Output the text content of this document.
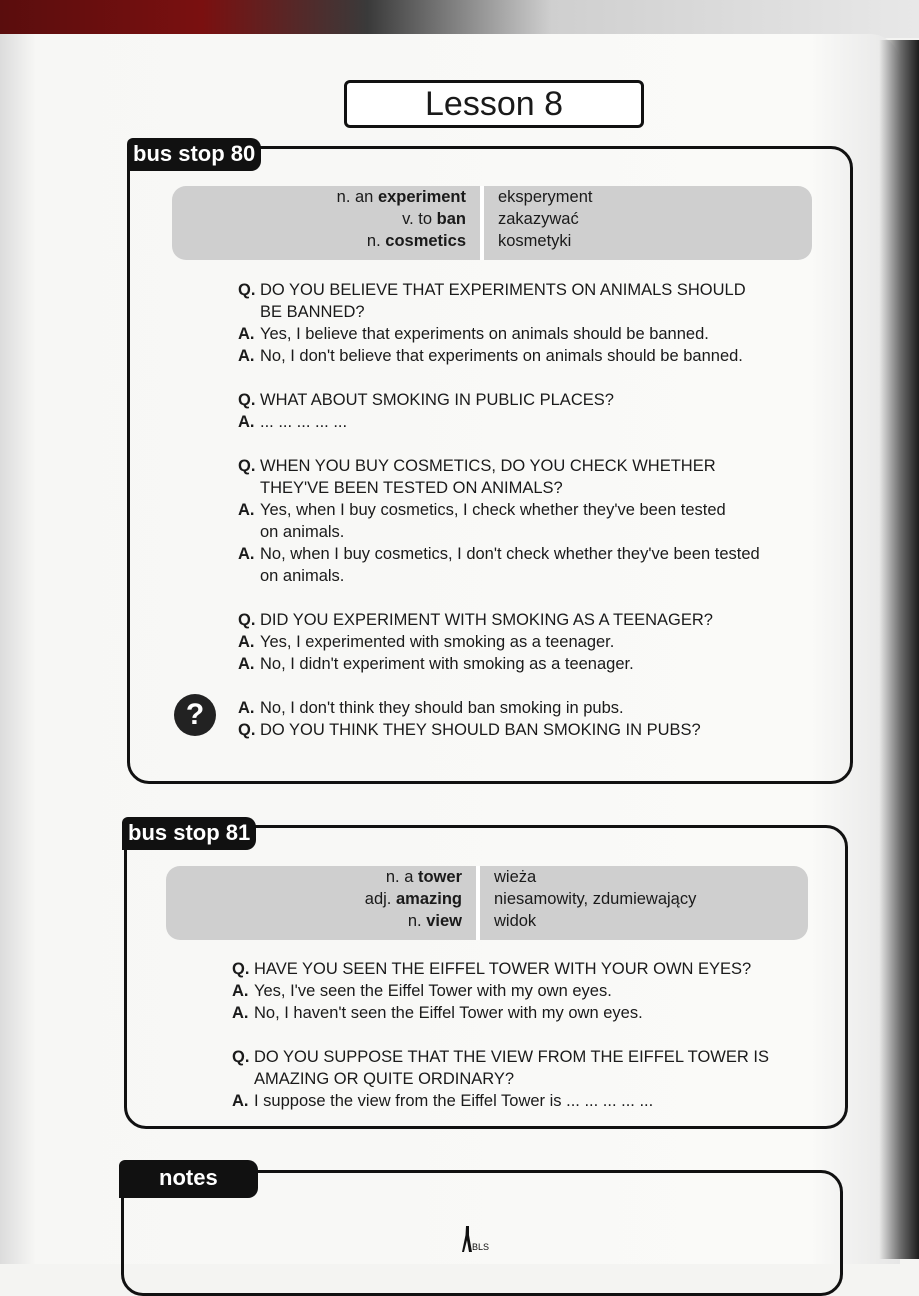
Lesson 8
bus stop 80
n. an experiment
v. to ban
n. cosmetics
eksperyment
zakazywać
kosmetyki
Q. DO YOU BELIEVE THAT EXPERIMENTS ON ANIMALS SHOULD
BE BANNED?
A. Yes, I believe that experiments on animals should be banned.
A. No, I don't believe that experiments on animals should be banned.
Q. WHAT ABOUT SMOKING IN PUBLIC PLACES?
A. ... ... ... ... ...
Q. WHEN YOU BUY COSMETICS, DO YOU CHECK WHETHER
THEY'VE BEEN TESTED ON ANIMALS?
A. Yes, when I buy cosmetics, I check whether they've been tested
on animals.
A. No, when I buy cosmetics, I don't check whether they've been tested
on animals.
Q. DID YOU EXPERIMENT WITH SMOKING AS A TEENAGER?
A. Yes, I experimented with smoking as a teenager.
A. No, I didn't experiment with smoking as a teenager.
A. No, I don't think they should ban smoking in pubs.
Q. DO YOU THINK THEY SHOULD BAN SMOKING IN PUBS?
?
bus stop 81
n. a tower
adj. amazing
n. view
wieża
niesamowity, zdumiewający
widok
Q. HAVE YOU SEEN THE EIFFEL TOWER WITH YOUR OWN EYES?
A. Yes, I've seen the Eiffel Tower with my own eyes.
A. No, I haven't seen the Eiffel Tower with my own eyes.
Q. DO YOU SUPPOSE THAT THE VIEW FROM THE EIFFEL TOWER IS
AMAZING OR QUITE ORDINARY?
A. I suppose the view from the Eiffel Tower is ... ... ... ... ...
notes
BLS
